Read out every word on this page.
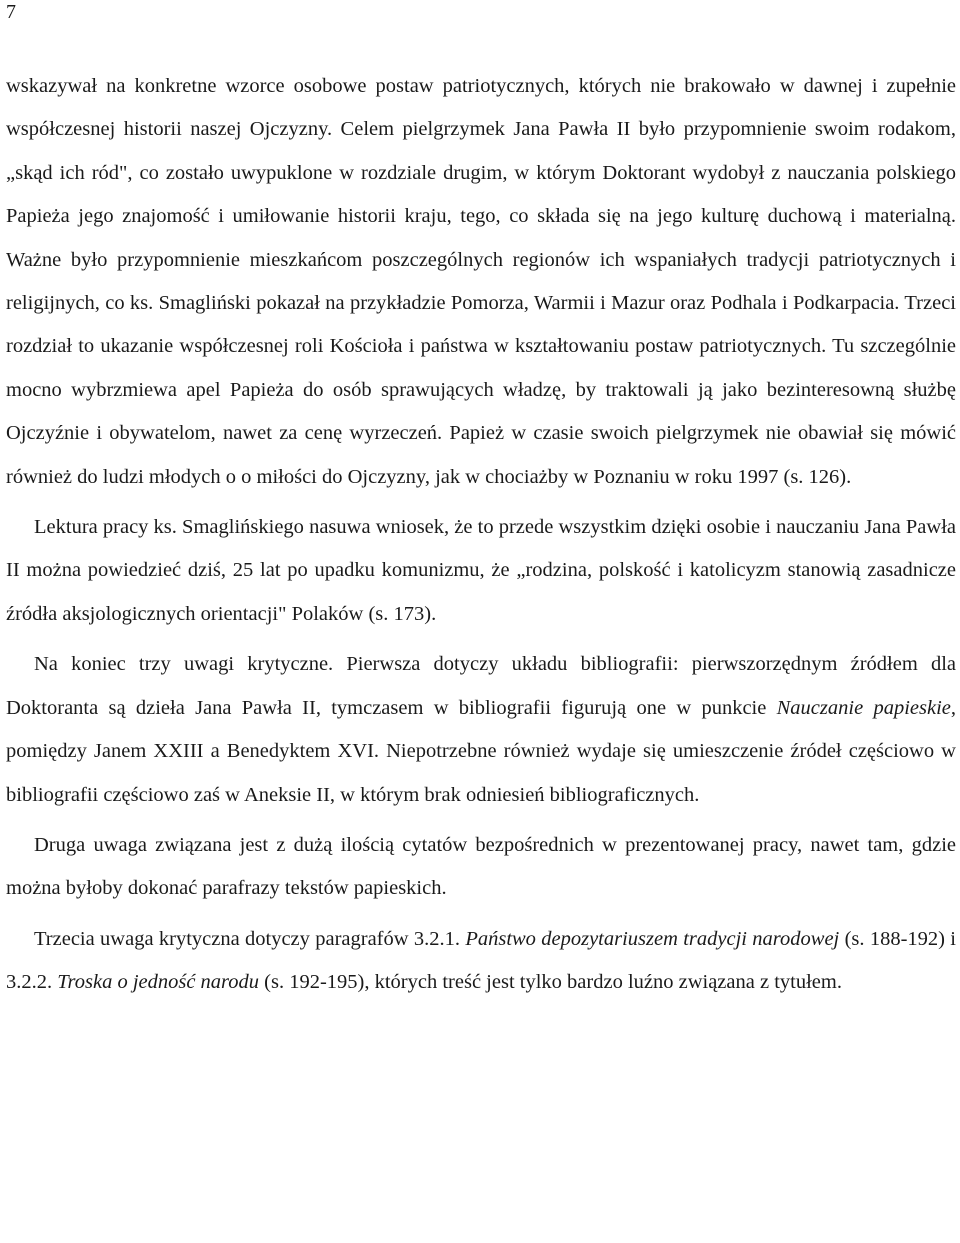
7

wskazywał na konkretne wzorce osobowe postaw patriotycznych, których nie brakowało w dawnej i zupełnie współczesnej historii naszej Ojczyzny. Celem pielgrzymek Jana Pawła II było przypomnienie swoim rodakom, „skąd ich ród", co zostało uwypuklone w rozdziale drugim, w którym Doktorant wydobył z nauczania polskiego Papieża jego znajomość i umiłowanie historii kraju, tego, co składa się na jego kulturę duchową i materialną. Ważne było przypomnienie mieszkańcom poszczególnych regionów ich wspaniałych tradycji patriotycznych i religijnych, co ks. Smagliński pokazał na przykładzie Pomorza, Warmii i Mazur oraz Podhala i Podkarpacia. Trzeci rozdział to ukazanie współczesnej roli Kościoła i państwa w kształtowaniu postaw patriotycznych. Tu szczególnie mocno wybrzmiewa apel Papieża do osób sprawujących władzę, by traktowali ją jako bezinteresowną służbę Ojczyźnie i obywatelom, nawet za cenę wyrzeczeń. Papież w czasie swoich pielgrzymek nie obawiał się mówić również do ludzi młodych o o miłości do Ojczyzny, jak w chociażby w Poznaniu w roku 1997 (s. 126).

Lektura pracy ks. Smaglińskiego nasuwa wniosek, że to przede wszystkim dzięki osobie i nauczaniu Jana Pawła II można powiedzieć dziś, 25 lat po upadku komunizmu, że „rodzina, polskość i katolicyzm stanowią zasadnicze źródła aksjologicznych orientacji" Polaków (s. 173).

Na koniec trzy uwagi krytyczne. Pierwsza dotyczy układu bibliografii: pierwszorzędnym źródłem dla Doktoranta są dzieła Jana Pawła II, tymczasem w bibliografii figurują one w punkcie Nauczanie papieskie, pomiędzy Janem XXIII a Benedyktem XVI. Niepotrzebne również wydaje się umieszczenie źródeł częściowo w bibliografii częściowo zaś w Aneksie II, w którym brak odniesień bibliograficznych.

Druga uwaga związana jest z dużą ilością cytatów bezpośrednich w prezentowanej pracy, nawet tam, gdzie można byłoby dokonać parafrazy tekstów papieskich.

Trzecia uwaga krytyczna dotyczy paragrafów 3.2.1. Państwo depozytariuszem tradycji narodowej (s. 188-192) i 3.2.2. Troska o jedność narodu (s. 192-195), których treść jest tylko bardzo luźno związana z tytułem.
